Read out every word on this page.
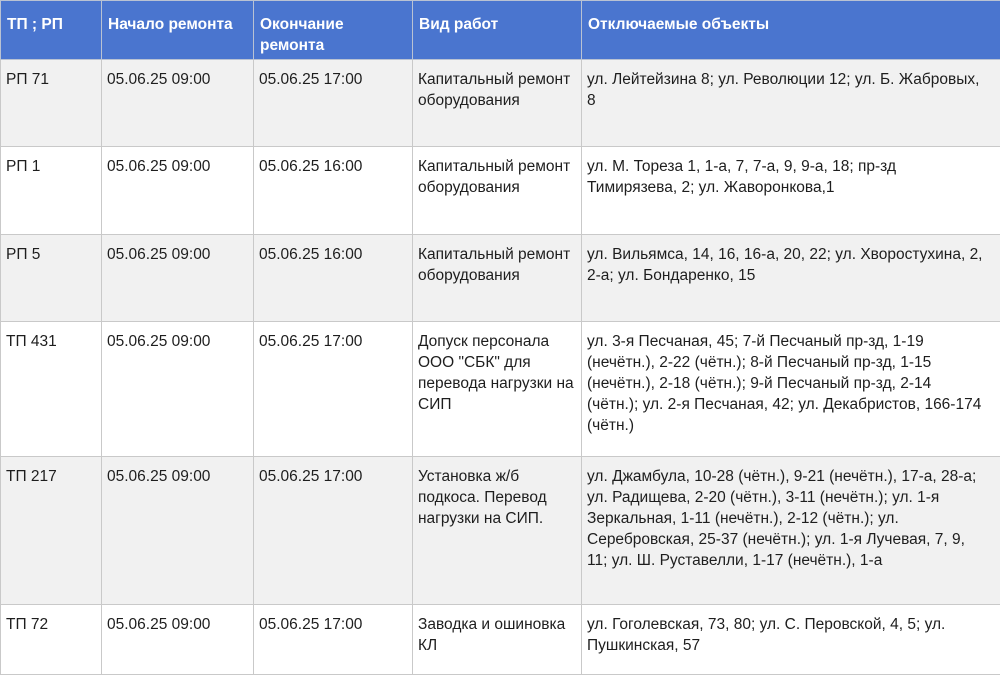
ТП ; РП	Начало ремонта	Окончание ремонта	Вид работ	Отключаемые объекты
РП 71	05.06.25 09:00	05.06.25 17:00	Капитальный ремонт оборудования	ул. Лейтейзина 8; ул. Революции 12; ул. Б. Жабровых, 8
РП 1	05.06.25 09:00	05.06.25 16:00	Капитальный ремонт оборудования	ул. М. Тореза 1, 1-а, 7, 7-а, 9, 9-а, 18; пр-зд Тимирязева, 2; ул. Жаворонкова,1
РП 5	05.06.25 09:00	05.06.25 16:00	Капитальный ремонт оборудования	ул. Вильямса, 14, 16, 16-а, 20, 22; ул. Хворостухина, 2, 2-а; ул. Бондаренко, 15
ТП 431	05.06.25 09:00	05.06.25 17:00	Допуск персонала ООО "СБК" для перевода нагрузки на СИП	ул. 3-я Песчаная, 45; 7-й Песчаный пр-зд, 1-19 (нечётн.), 2-22 (чётн.); 8-й Песчаный пр-зд, 1-15 (нечётн.), 2-18 (чётн.); 9-й Песчаный пр-зд, 2-14 (чётн.); ул. 2-я Песчаная, 42; ул. Декабристов, 166-174 (чётн.)
ТП 217	05.06.25 09:00	05.06.25 17:00	Установка ж/б подкоса. Перевод нагрузки на СИП.	ул. Джамбула, 10-28 (чётн.), 9-21 (нечётн.), 17-а, 28-а; ул. Радищева, 2-20 (чётн.), 3-11 (нечётн.); ул. 1-я Зеркальная, 1-11 (нечётн.), 2-12 (чётн.); ул. Серебровская, 25-37 (нечётн.); ул. 1-я Лучевая, 7, 9, 11; ул. Ш. Руставелли, 1-17 (нечётн.), 1-а
ТП 72	05.06.25 09:00	05.06.25 17:00	Заводка и ошиновка КЛ	ул. Гоголевская, 73, 80; ул. С. Перовской, 4, 5; ул. Пушкинская, 57
